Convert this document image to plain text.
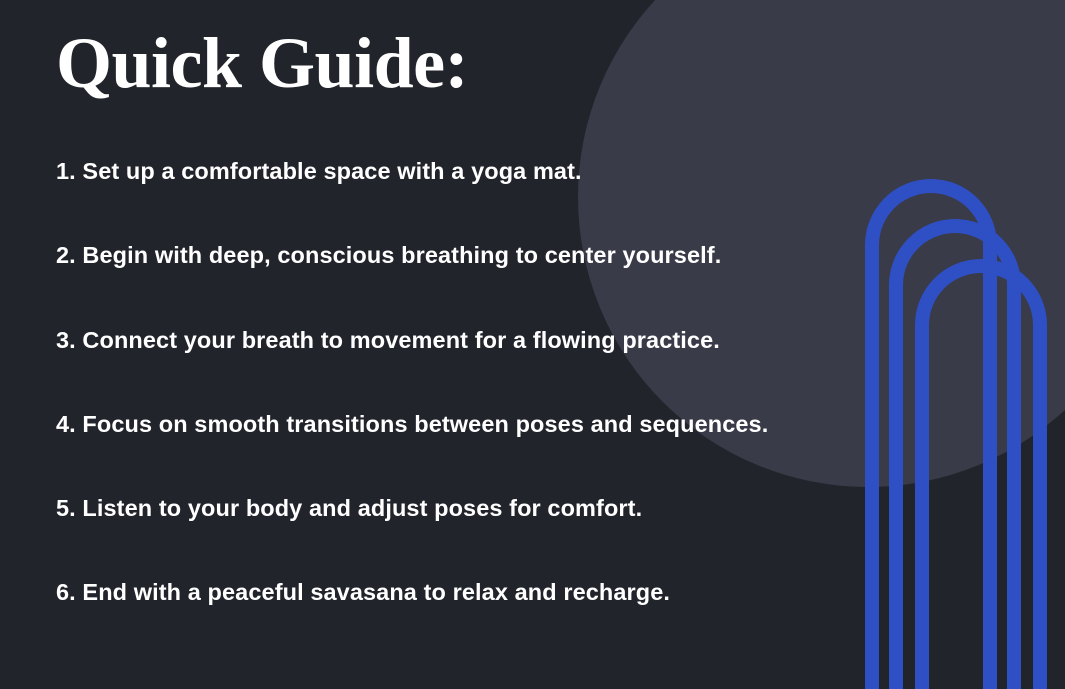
Quick Guide:
1. Set up a comfortable space with a yoga mat.
2. Begin with deep, conscious breathing to center yourself.
3. Connect your breath to movement for a flowing practice.
4. Focus on smooth transitions between poses and sequences.
5. Listen to your body and adjust poses for comfort.
6. End with a peaceful savasana to relax and recharge.
